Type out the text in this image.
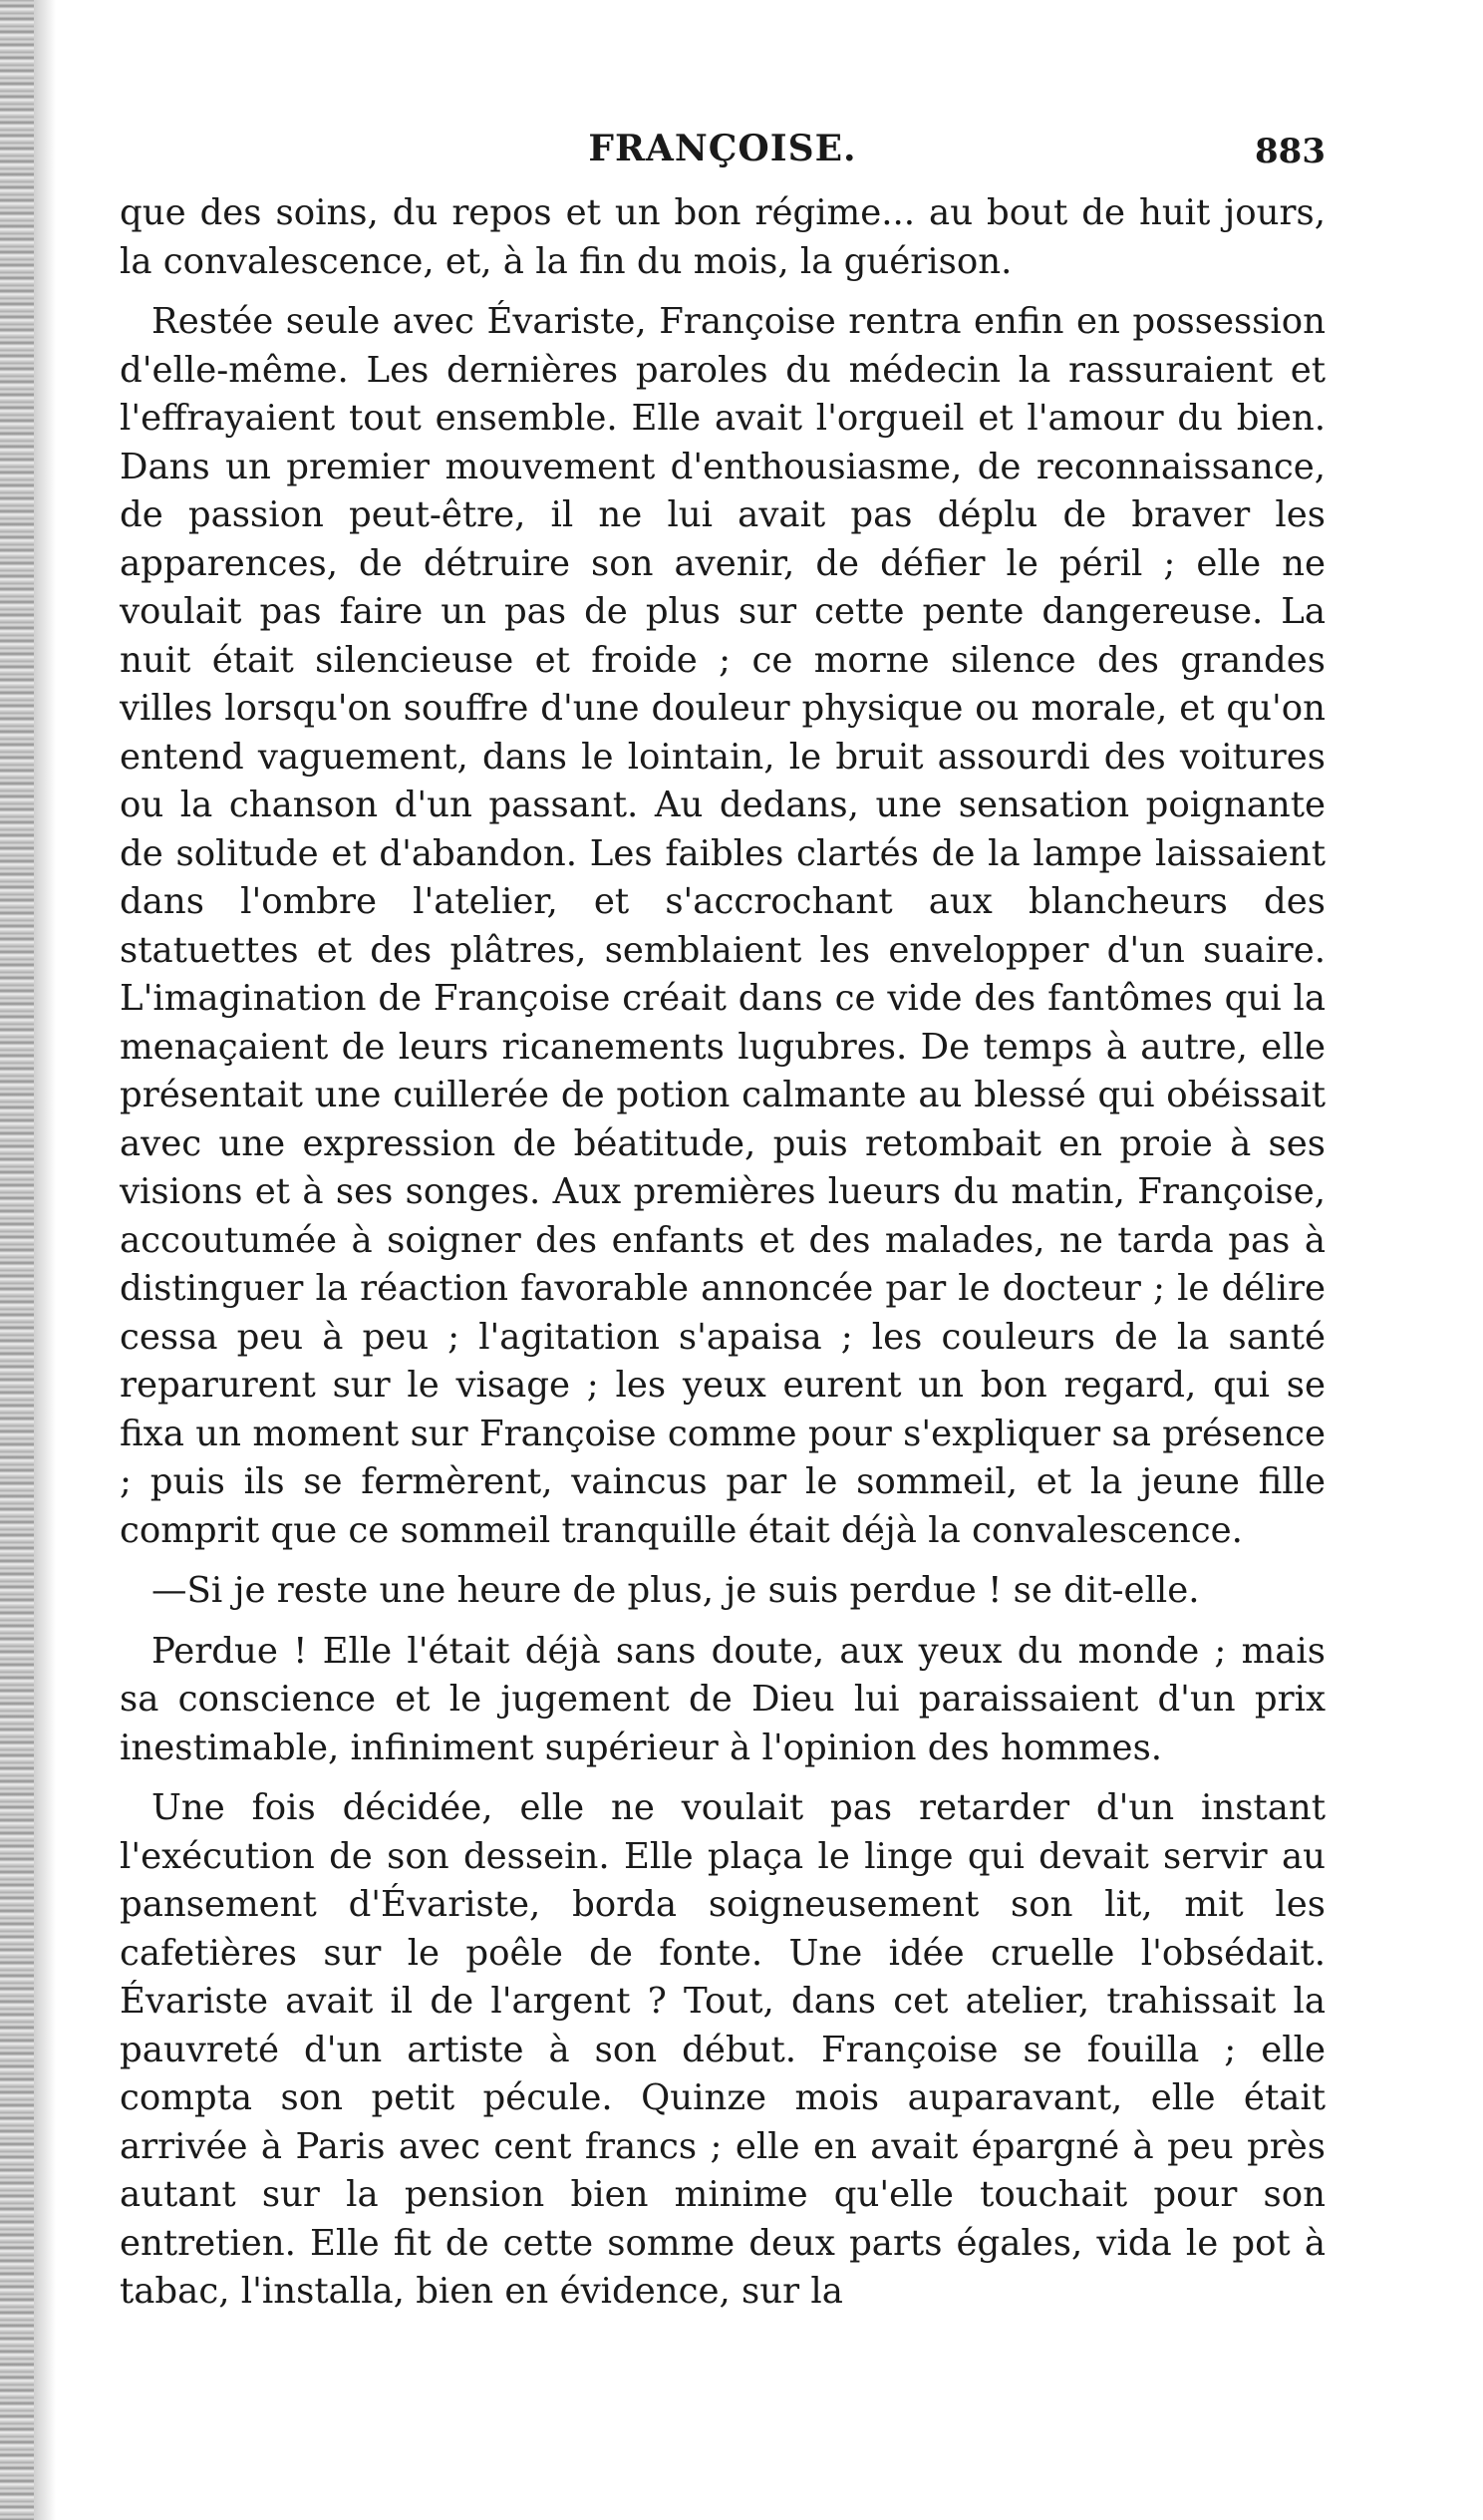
FRANÇOISE.	883

que des soins, du repos et un bon régime... au bout de huit jours, la convalescence, et, à la fin du mois, la guérison.

Restée seule avec Évariste, Françoise rentra enfin en possession d'elle-même. Les dernières paroles du médecin la rassuraient et l'effrayaient tout ensemble. Elle avait l'orgueil et l'amour du bien. Dans un premier mouvement d'enthousiasme, de reconnaissance, de passion peut-être, il ne lui avait pas déplu de braver les apparences, de détruire son avenir, de défier le péril ; elle ne voulait pas faire un pas de plus sur cette pente dangereuse. La nuit était silencieuse et froide ; ce morne silence des grandes villes lorsqu'on souffre d'une douleur physique ou morale, et qu'on entend vaguement, dans le lointain, le bruit assourdi des voitures ou la chanson d'un passant. Au dedans, une sensation poignante de solitude et d'abandon. Les faibles clartés de la lampe laissaient dans l'ombre l'atelier, et s'accrochant aux blancheurs des statuettes et des plâtres, semblaient les envelopper d'un suaire. L'imagination de Françoise créait dans ce vide des fantômes qui la menaçaient de leurs ricanements lugubres. De temps à autre, elle présentait une cuillerée de potion calmante au blessé qui obéissait avec une expression de béatitude, puis retombait en proie à ses visions et à ses songes. Aux premières lueurs du matin, Françoise, accoutumée à soigner des enfants et des malades, ne tarda pas à distinguer la réaction favorable annoncée par le docteur ; le délire cessa peu à peu ; l'agitation s'apaisa ; les couleurs de la santé reparurent sur le visage ; les yeux eurent un bon regard, qui se fixa un moment sur Françoise comme pour s'expliquer sa présence ; puis ils se fermèrent, vaincus par le sommeil, et la jeune fille comprit que ce sommeil tranquille était déjà la convalescence.

—Si je reste une heure de plus, je suis perdue ! se dit-elle.

Perdue ! Elle l'était déjà sans doute, aux yeux du monde ; mais sa conscience et le jugement de Dieu lui paraissaient d'un prix inestimable, infiniment supérieur à l'opinion des hommes.

Une fois décidée, elle ne voulait pas retarder d'un instant l'exécution de son dessein. Elle plaça le linge qui devait servir au pansement d'Évariste, borda soigneusement son lit, mit les cafetières sur le poêle de fonte. Une idée cruelle l'obsédait. Évariste avait il de l'argent ? Tout, dans cet atelier, trahissait la pauvreté d'un artiste à son début. Françoise se fouilla ; elle compta son petit pécule. Quinze mois auparavant, elle était arrivée à Paris avec cent francs ; elle en avait épargné à peu près autant sur la pension bien minime qu'elle touchait pour son entretien. Elle fit de cette somme deux parts égales, vida le pot à tabac, l'installa, bien en évidence, sur la
